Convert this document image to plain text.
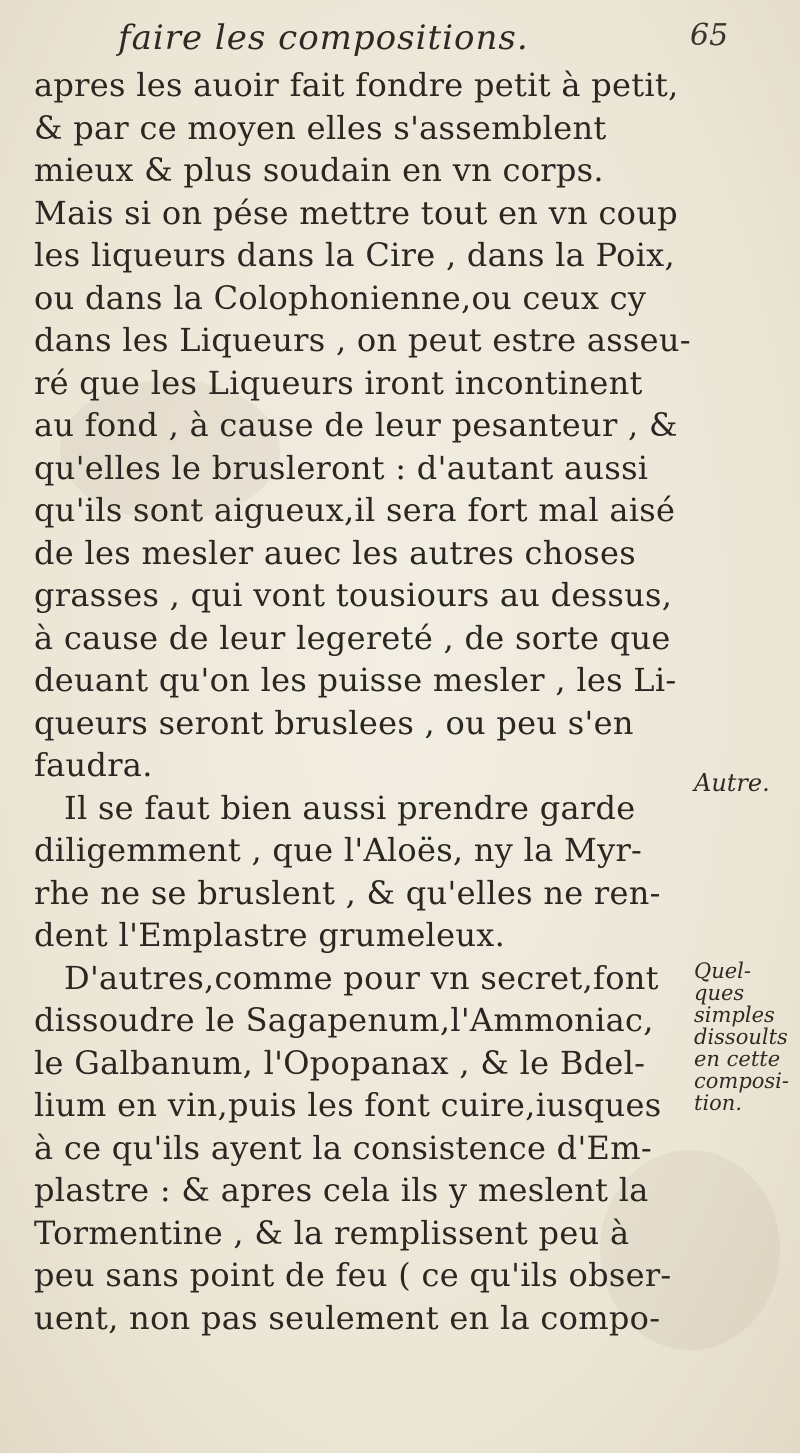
faire les compositions.	65
apres les auoir fait fondre petit à petit,
& par ce moyen elles s'assemblent
mieux & plus soudain en vn corps.
Mais si on pése mettre tout en vn coup
les liqueurs dans la Cire , dans la Poix,
ou dans la Colophonienne,ou ceux cy
dans les Liqueurs , on peut estre asseu-
ré que les Liqueurs iront incontinent
au fond , à cause de leur pesanteur , &
qu'elles le brusleront : d'autant aussi
qu'ils sont aigueux,il sera fort mal aisé
de les mesler auec les autres choses
grasses , qui vont tousiours au dessus,
à cause de leur legereté , de sorte que
deuant qu'on les puisse mesler , les Li-
queurs seront bruslees , ou peu s'en
faudra.
Il se faut bien aussi prendre garde
diligemment , que l'Aloës, ny la Myr-
rhe ne se bruslent , & qu'elles ne ren-
dent l'Emplastre grumeleux.
D'autres,comme pour vn secret,font
dissoudre le Sagapenum,l'Ammoniac,
le Galbanum, l'Opopanax , & le Bdel-
lium en vin,puis les font cuire,iusques
à ce qu'ils ayent la consistence d'Em-
plastre : & apres cela ils y meslent la
Tormentine , & la remplissent peu à
peu sans point de feu ( ce qu'ils obser-
uent, non pas seulement en la compo-
Autre.
Quel-
ques
simples
dissoults
en cette
composi-
tion.
